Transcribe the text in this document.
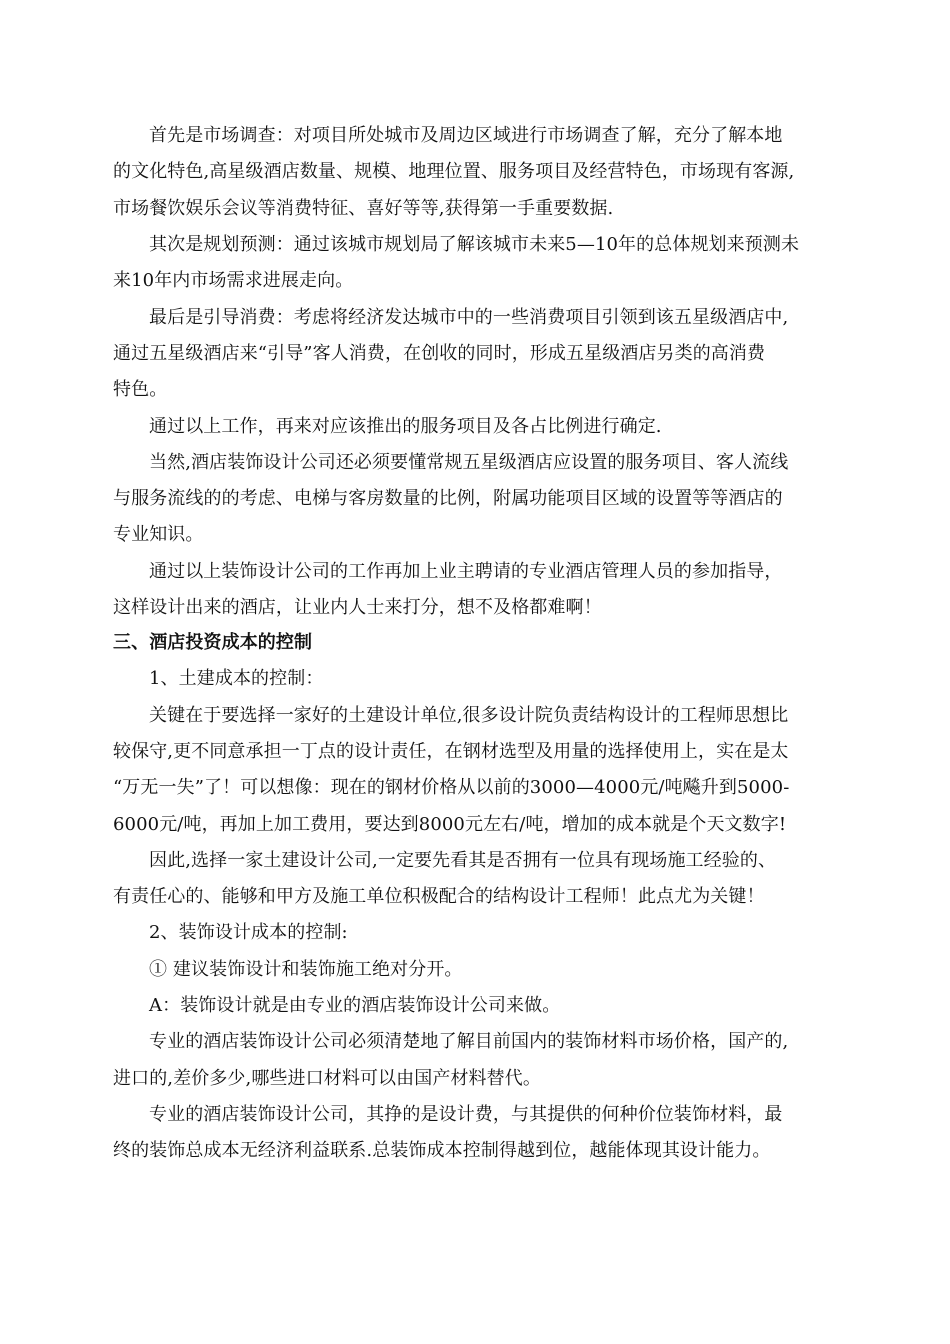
首先是市场调查：对项目所处城市及周边区域进行市场调查了解，充分了解本地
的文化特色,高星级酒店数量、规模、地理位置、服务项目及经营特色，市场现有客源,
市场餐饮娱乐会议等消费特征、喜好等等,获得第一手重要数据.
其次是规划预测：通过该城市规划局了解该城市未来5—10年的总体规划来预测未
来10年内市场需求进展走向。
最后是引导消费：考虑将经济发达城市中的一些消费项目引领到该五星级酒店中,
通过五星级酒店来“引导”客人消费，在创收的同时，形成五星级酒店另类的高消费
特色。
通过以上工作，再来对应该推出的服务项目及各占比例进行确定.
当然,酒店装饰设计公司还必须要懂常规五星级酒店应设置的服务项目、客人流线
与服务流线的的考虑、电梯与客房数量的比例，附属功能项目区域的设置等等酒店的
专业知识。
通过以上装饰设计公司的工作再加上业主聘请的专业酒店管理人员的参加指导，
这样设计出来的酒店，让业内人士来打分，想不及格都难啊！
三、酒店投资成本的控制
1、土建成本的控制：
关键在于要选择一家好的土建设计单位,很多设计院负责结构设计的工程师思想比
较保守,更不同意承担一丁点的设计责任，在钢材选型及用量的选择使用上，实在是太
“万无一失”了！可以想像：现在的钢材价格从以前的3000—4000元/吨飚升到5000-
6000元/吨，再加上加工费用，要达到8000元左右/吨，增加的成本就是个天文数字!
因此,选择一家土建设计公司,一定要先看其是否拥有一位具有现场施工经验的、
有责任心的、能够和甲方及施工单位积极配合的结构设计工程师！此点尤为关键！
2、装饰设计成本的控制:
① 建议装饰设计和装饰施工绝对分开。
A：装饰设计就是由专业的酒店装饰设计公司来做。
专业的酒店装饰设计公司必须清楚地了解目前国内的装饰材料市场价格，国产的,
进口的,差价多少,哪些进口材料可以由国产材料替代。
专业的酒店装饰设计公司，其挣的是设计费，与其提供的何种价位装饰材料，最
终的装饰总成本无经济利益联系.总装饰成本控制得越到位，越能体现其设计能力。
